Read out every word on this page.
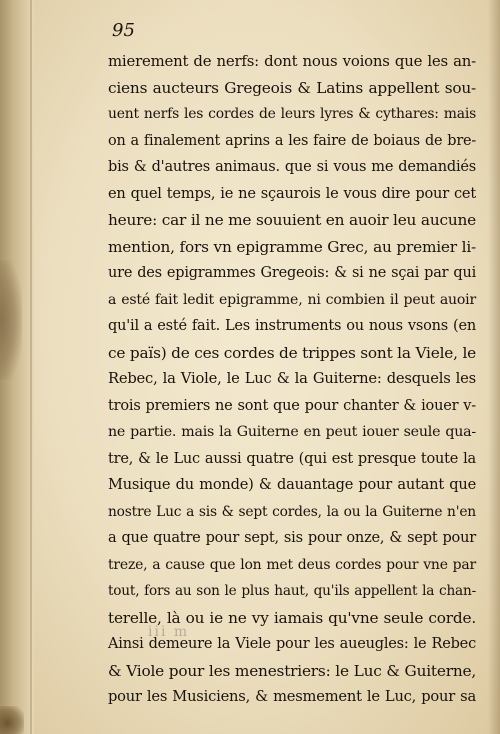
95
mierement de nerfs: dont nous voions que les an-
ciens aucteurs Gregeois & Latins appellent sou-
uent nerfs les cordes de leurs lyres & cythares: mais
on a finalement aprins a les faire de boiaus de bre-
bis & d'autres animaus. que si vous me demandiés
en quel temps, ie ne sçaurois le vous dire pour cet
heure: car il ne me souuient en auoir leu aucune
mention, fors vn epigramme Grec, au premier li-
ure des epigrammes Gregeois: & si ne sçai par qui
a esté fait ledit epigramme, ni combien il peut auoir
qu'il a esté fait. Les instruments ou nous vsons (en
ce païs) de ces cordes de trippes sont la Viele, le
Rebec, la Viole, le Luc & la Guiterne: desquels les
trois premiers ne sont que pour chanter & iouer v-
ne partie. mais la Guiterne en peut iouer seule qua-
tre, & le Luc aussi quatre (qui est presque toute la
Musique du monde) & dauantage pour autant que
nostre Luc a sis & sept cordes, la ou la Guiterne n'en
a que quatre pour sept, sis pour onze, & sept pour
treze, a cause que lon met deus cordes pour vne par
tout, fors au son le plus haut, qu'ils appellent la chan-
terelle, là ou ie ne vy iamais qu'vne seule corde.
Ainsi demeure la Viele pour les aueugles: le Rebec
& Viole pour les menestriers: le Luc & Guiterne,
pour les Musiciens, & mesmement le Luc, pour sa
iii m
